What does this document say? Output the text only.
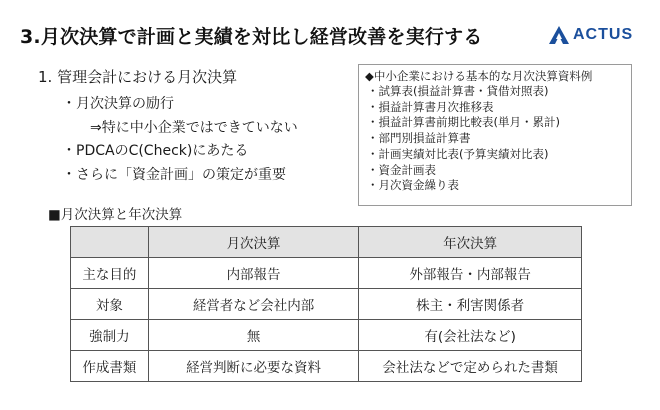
3.月次決算で計画と実績を対比し経営改善を実行する	ACTUS
1. 管理会計における月次決算
・月次決算の励行
⇒特に中小企業ではできていない
・PDCAのC(Check)にあたる
・さらに「資金計画」の策定が重要
◆中小企業における基本的な月次決算資料例
・試算表(損益計算書・貸借対照表)
・損益計算書月次推移表
・損益計算書前期比較表(単月・累計)
・部門別損益計算書
・計画実績対比表(予算実績対比表)
・資金計画表
・月次資金繰り表
■月次決算と年次決算
	月次決算	年次決算
主な目的	内部報告	外部報告・内部報告
対象	経営者など会社内部	株主・利害関係者
強制力	無	有(会社法など)
作成書類	経営判断に必要な資料	会社法などで定められた書類
